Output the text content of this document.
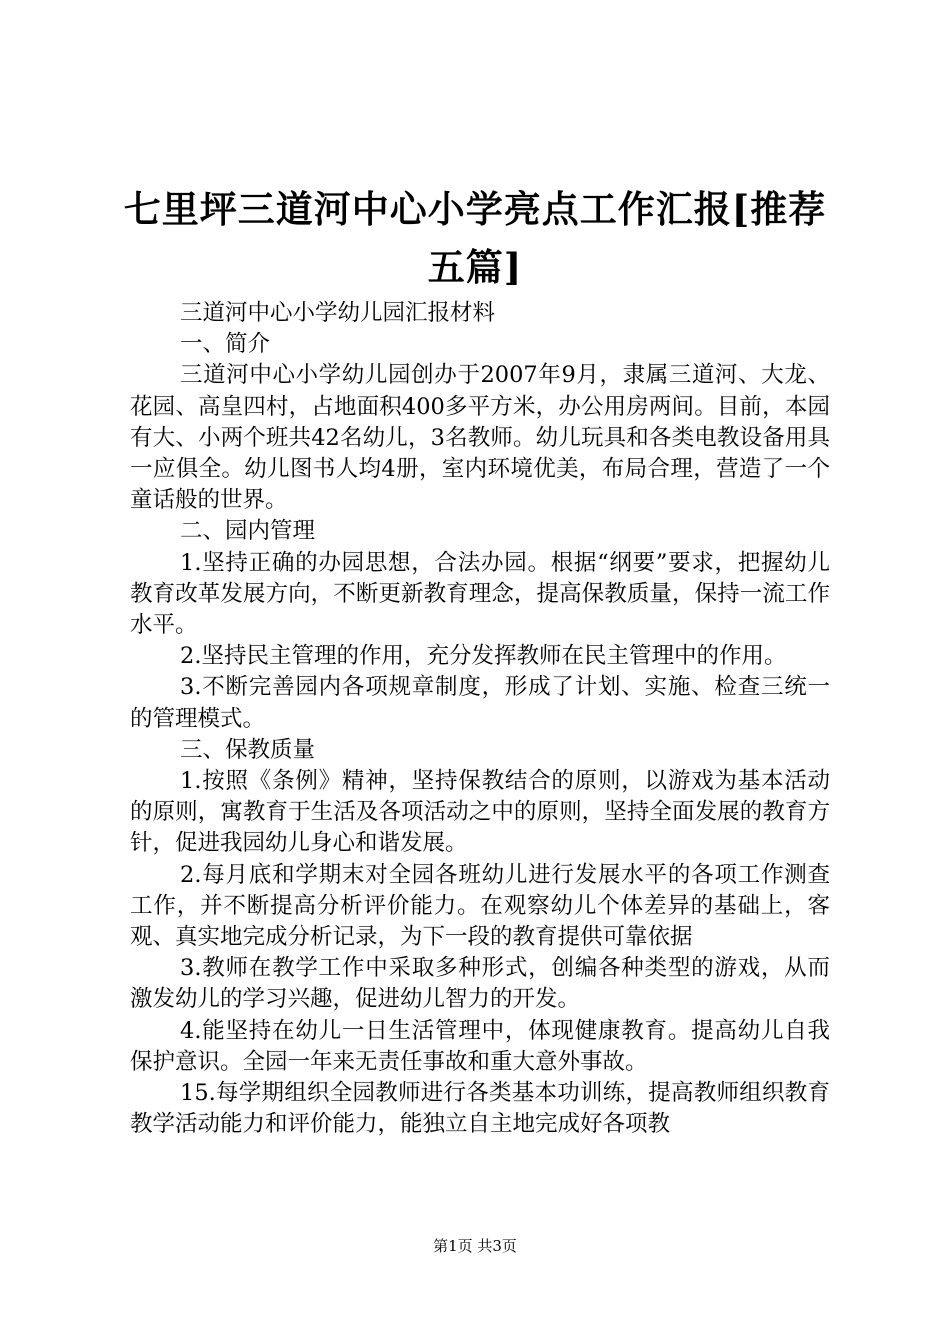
七里坪三道河中心小学亮点工作汇报[推荐五篇]

三道河中心小学幼儿园汇报材料

一、简介

三道河中心小学幼儿园创办于2007年9月，隶属三道河、大龙、花园、高皇四村，占地面积400多平方米，办公用房两间。目前，本园有大、小两个班共42名幼儿，3名教师。幼儿玩具和各类电教设备用具一应俱全。幼儿图书人均4册，室内环境优美，布局合理，营造了一个童话般的世界。

二、园内管理

1.坚持正确的办园思想，合法办园。根据“纲要”要求，把握幼儿教育改革发展方向，不断更新教育理念，提高保教质量，保持一流工作水平。

2.坚持民主管理的作用，充分发挥教师在民主管理中的作用。

3.不断完善园内各项规章制度，形成了计划、实施、检查三统一的管理模式。

三、保教质量

1.按照《条例》精神，坚持保教结合的原则，以游戏为基本活动的原则，寓教育于生活及各项活动之中的原则，坚持全面发展的教育方针，促进我园幼儿身心和谐发展。

2.每月底和学期末对全园各班幼儿进行发展水平的各项工作测查工作，并不断提高分析评价能力。在观察幼儿个体差异的基础上，客观、真实地完成分析记录，为下一段的教育提供可靠依据

3.教师在教学工作中采取多种形式，创编各种类型的游戏，从而激发幼儿的学习兴趣，促进幼儿智力的开发。

4.能坚持在幼儿一日生活管理中，体现健康教育。提高幼儿自我保护意识。全园一年来无责任事故和重大意外事故。

15.每学期组织全园教师进行各类基本功训练，提高教师组织教育教学活动能力和评价能力，能独立自主地完成好各项教

第1页 共3页
